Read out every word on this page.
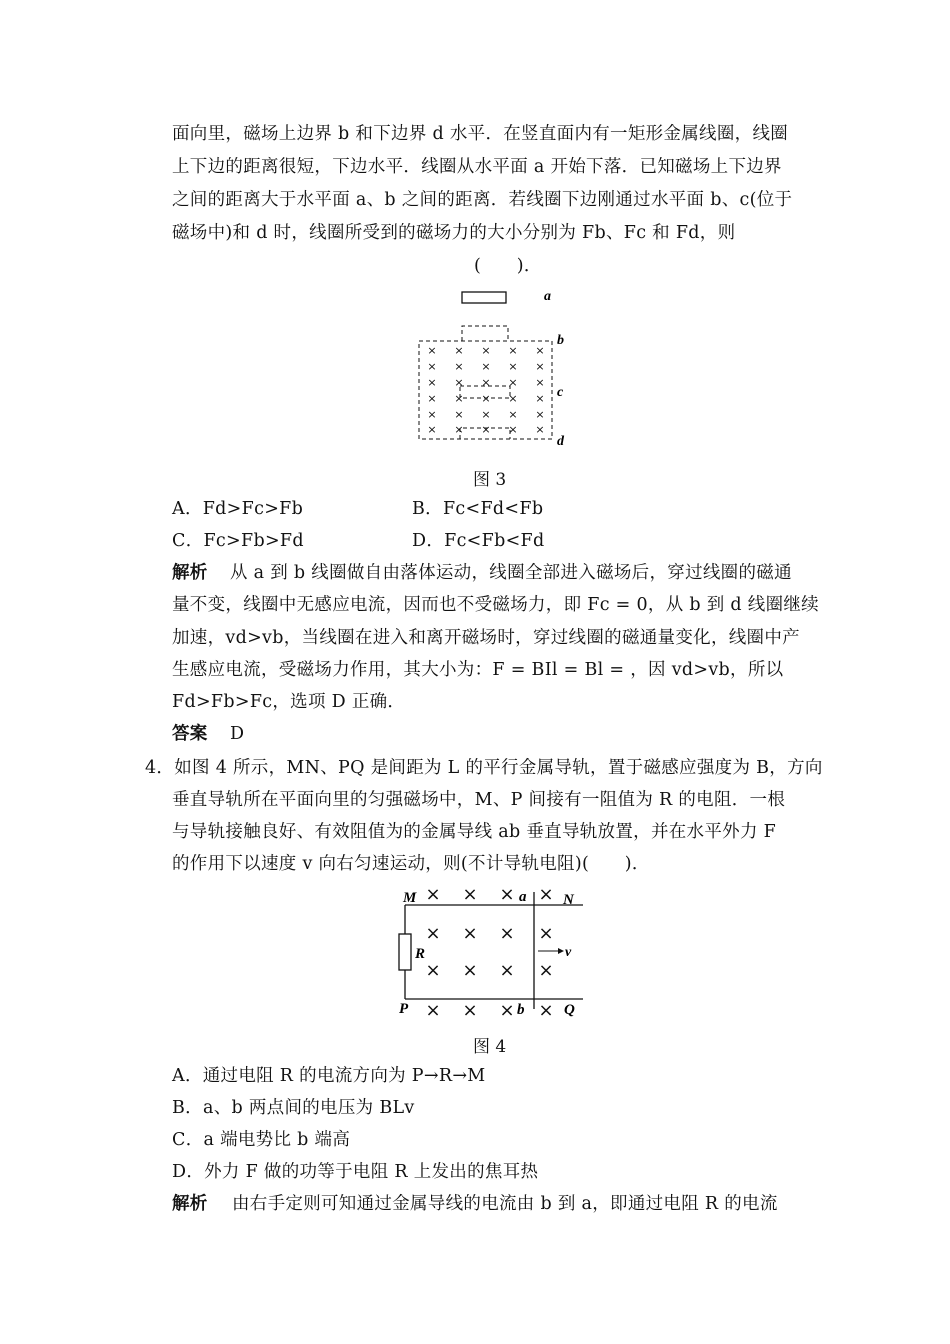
面向里，磁场上边界 b 和下边界 d 水平．在竖直面内有一矩形金属线圈，线圈
上下边的距离很短，下边水平．线圈从水平面 a 开始下落．已知磁场上下边界
之间的距离大于水平面 a、b 之间的距离．若线圈下边刚通过水平面 b、c(位于
磁场中)和 d 时，线圈所受到的磁场力的大小分别为 Fb、Fc 和 Fd，则
(　　)．
a
b
c
d
×
×
×
×
×
×
×
×
×
×
×
×
×
×
×
×
×
×
×
×
×
×
×
×
×
×
×
×
×
×
图 3
A．Fd>Fc>Fb	B．Fc<Fd<Fb
C．Fc>Fb>Fd	D．Fc<Fb<Fd
解析 从 a 到 b 线圈做自由落体运动，线圈全部进入磁场后，穿过线圈的磁通
量不变，线圈中无感应电流，因而也不受磁场力，即 Fc = 0，从 b 到 d 线圈继续
加速，vd>vb，当线圈在进入和离开磁场时，穿过线圈的磁通量变化，线圈中产
生感应电流，受磁场力作用，其大小为：F = BIl = Bl = ，因 vd>vb，所以
Fd>Fb>Fc，选项 D 正确．
答案 D
4．如图 4 所示，MN、PQ 是间距为 L 的平行金属导轨，置于磁感应强度为 B，方向
垂直导轨所在平面向里的匀强磁场中，M、P 间接有一阻值为 R 的电阻．一根
与导轨接触良好、有效阻值为的金属导线 ab 垂直导轨放置，并在水平外力 F
的作用下以速度 v 向右匀速运动，则(不计导轨电阻)(　　)．
M	N
P	Q
R
a
b
v
× × × ×
× × × ×
× × × ×
× × × ×
图 4
A．通过电阻 R 的电流方向为 P→R→M
B．a、b 两点间的电压为 BLv
C．a 端电势比 b 端高
D．外力 F 做的功等于电阻 R 上发出的焦耳热
解析 由右手定则可知通过金属导线的电流由 b 到 a，即通过电阻 R 的电流
